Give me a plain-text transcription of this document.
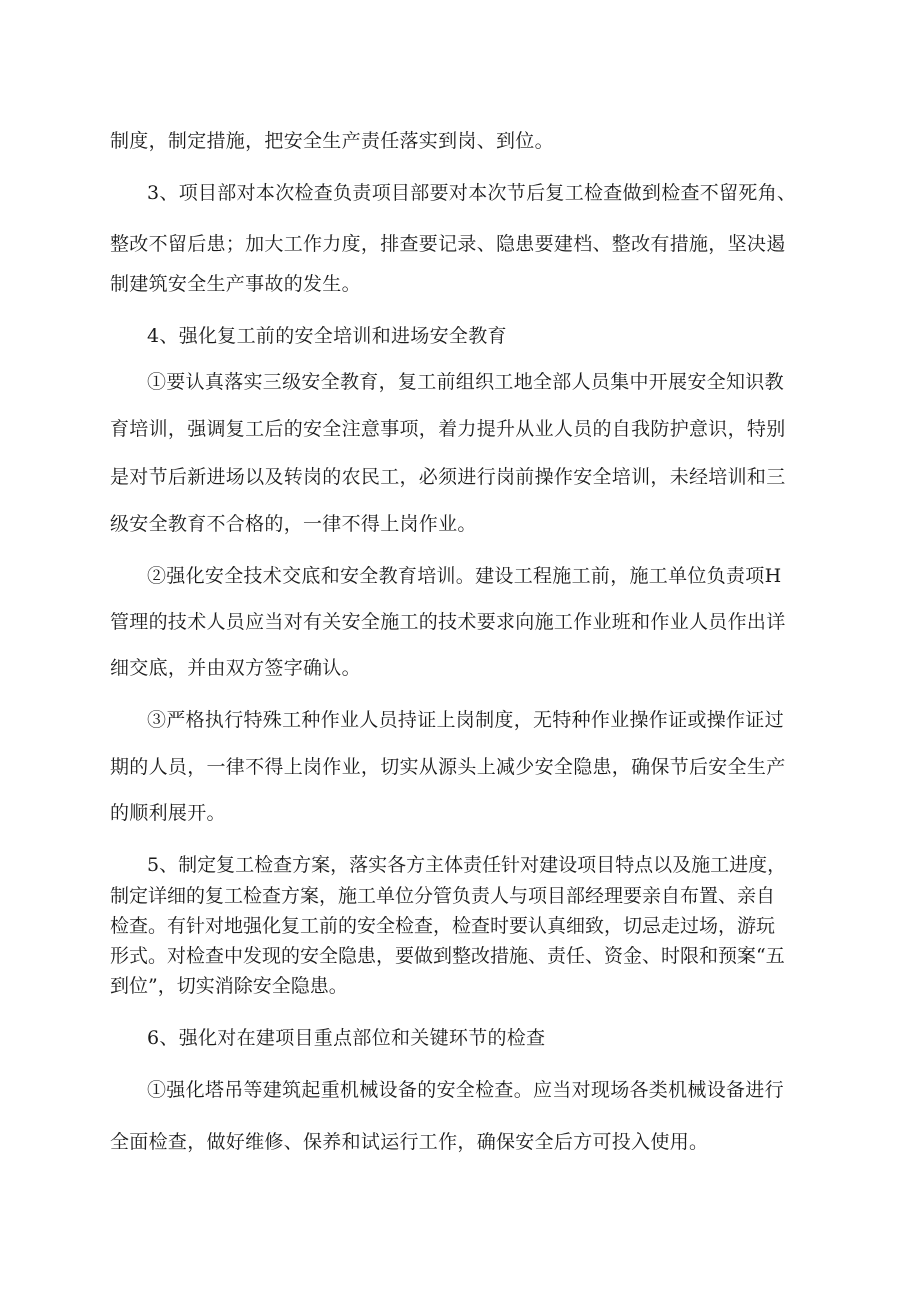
制度，制定措施，把安全生产责任落实到岗、到位。
3、项目部对本次检查负责项目部要对本次节后复工检查做到检查不留死角、
整改不留后患；加大工作力度，排查要记录、隐患要建档、整改有措施，坚决遏
制建筑安全生产事故的发生。
4、强化复工前的安全培训和进场安全教育
①要认真落实三级安全教育，复工前组织工地全部人员集中开展安全知识教
育培训，强调复工后的安全注意事项，着力提升从业人员的自我防护意识，特别
是对节后新进场以及转岗的农民工，必须进行岗前操作安全培训，未经培训和三
级安全教育不合格的，一律不得上岗作业。
②强化安全技术交底和安全教育培训。建设工程施工前，施工单位负责项H
管理的技术人员应当对有关安全施工的技术要求向施工作业班和作业人员作出详
细交底，并由双方签字确认。
③严格执行特殊工种作业人员持证上岗制度，无特种作业操作证或操作证过
期的人员，一律不得上岗作业，切实从源头上减少安全隐患，确保节后安全生产
的顺利展开。
5、制定复工检查方案，落实各方主体责任针对建设项目特点以及施工进度，
制定详细的复工检查方案，施工单位分管负责人与项目部经理要亲自布置、亲自
检查。有针对地强化复工前的安全检查，检查时要认真细致，切忌走过场，游玩
形式。对检查中发现的安全隐患，要做到整改措施、责任、资金、时限和预案“五
到位”，切实消除安全隐患。
6、强化对在建项目重点部位和关键环节的检查
①强化塔吊等建筑起重机械设备的安全检查。应当对现场各类机械设备进行
全面检查，做好维修、保养和试运行工作，确保安全后方可投入使用。
